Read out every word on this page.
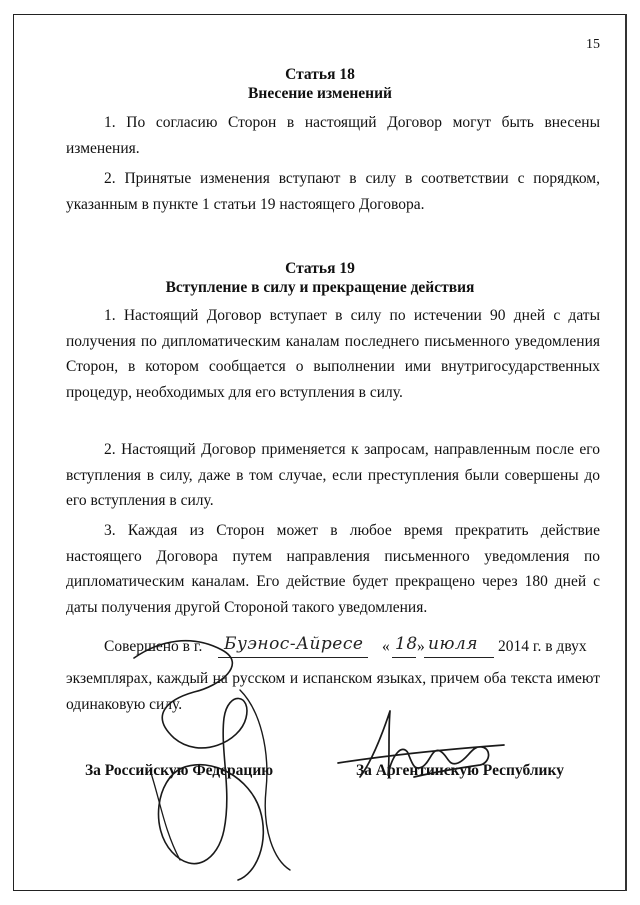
15
Статья 18
Внесение изменений
1. По согласию Сторон в настоящий Договор могут быть внесены изменения.
2. Принятые изменения вступают в силу в соответствии с порядком, указанным в пункте 1 статьи 19 настоящего Договора.
Статья 19
Вступление в силу и прекращение действия
1. Настоящий Договор вступает в силу по истечении 90 дней с даты получения по дипломатическим каналам последнего письменного уведомления Сторон, в котором сообщается о выполнении ими внутригосударственных процедур, необходимых для его вступления в силу.
2. Настоящий Договор применяется к запросам, направленным после его вступления в силу, даже в том случае, если преступления были совершены до его вступления в силу.
3. Каждая из Сторон может в любое время прекратить действие настоящего Договора путем направления письменного уведомления по дипломатическим каналам. Его действие будет прекращено через 180 дней с даты получения другой Стороной такого уведомления.
Совершено в г. Буэнос-Айресе « 18 » июля 2014 г. в двух
экземплярах, каждый на русском и испанском языках, причем оба текста имеют одинаковую силу.
За Российскую Федерацию	За Аргентинскую Республику
